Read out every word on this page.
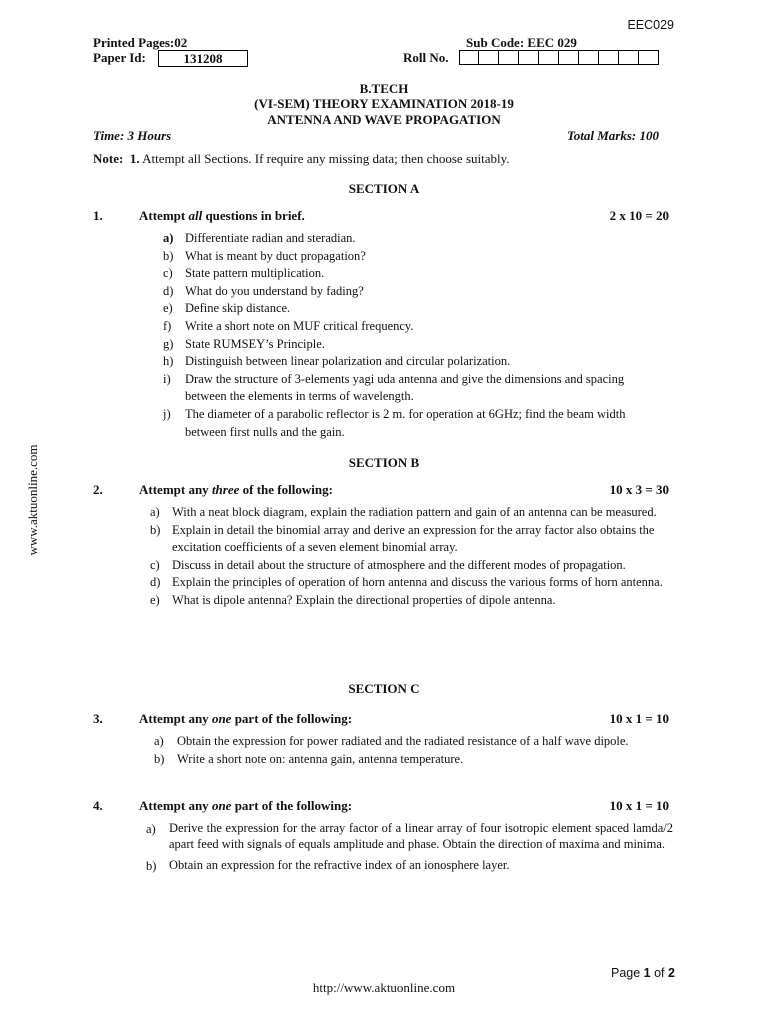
EEC029
Printed Pages:02
Paper Id:	131208
Sub Code: EEC 029
Roll No.
B.TECH
(VI-SEM) THEORY EXAMINATION 2018-19
ANTENNA AND WAVE PROPAGATION
Time: 3 Hours	Total Marks: 100
Note: 1. Attempt all Sections. If require any missing data; then choose suitably.
SECTION A
1.	Attempt all questions in brief.	2 x 10 = 20
a) Differentiate radian and steradian.
b) What is meant by duct propagation?
c) State pattern multiplication.
d) What do you understand by fading?
e) Define skip distance.
f)	Write a short note on MUF critical frequency.
g) State RUMSEY’s Principle.
h) Distinguish between linear polarization and circular polarization.
i)	Draw the structure of 3-elements yagi uda antenna and give the dimensions and spacing between the elements in terms of wavelength.
j)	The diameter of a parabolic reflector is 2 m. for operation at 6GHz; find the beam width between first nulls and the gain.
SECTION B
2.	Attempt any three of the following:	10 x 3 = 30
a) With a neat block diagram, explain the radiation pattern and gain of an antenna can be measured.
b) Explain in detail the binomial array and derive an expression for the array factor also obtains the excitation coefficients of a seven element binomial array.
c) Discuss in detail about the structure of atmosphere and the different modes of propagation.
d) Explain the principles of operation of horn antenna and discuss the various forms of horn antenna.
e) What is dipole antenna? Explain the directional properties of dipole antenna.
SECTION C
3.	Attempt any one part of the following:	10 x 1 = 10
a)	Obtain the expression for power radiated and the radiated resistance of a half wave dipole.
b)	Write a short note on: antenna gain, antenna temperature.
4.	Attempt any one part of the following:	10 x 1 = 10
a)	Derive the expression for the array factor of a linear array of four isotropic element spaced lamda/2 apart feed with signals of equals amplitude and phase. Obtain the direction of maxima and minima.
b)	Obtain an expression for the refractive index of an ionosphere layer.
www.aktuonline.com
Page 1 of 2
http://www.aktuonline.com
